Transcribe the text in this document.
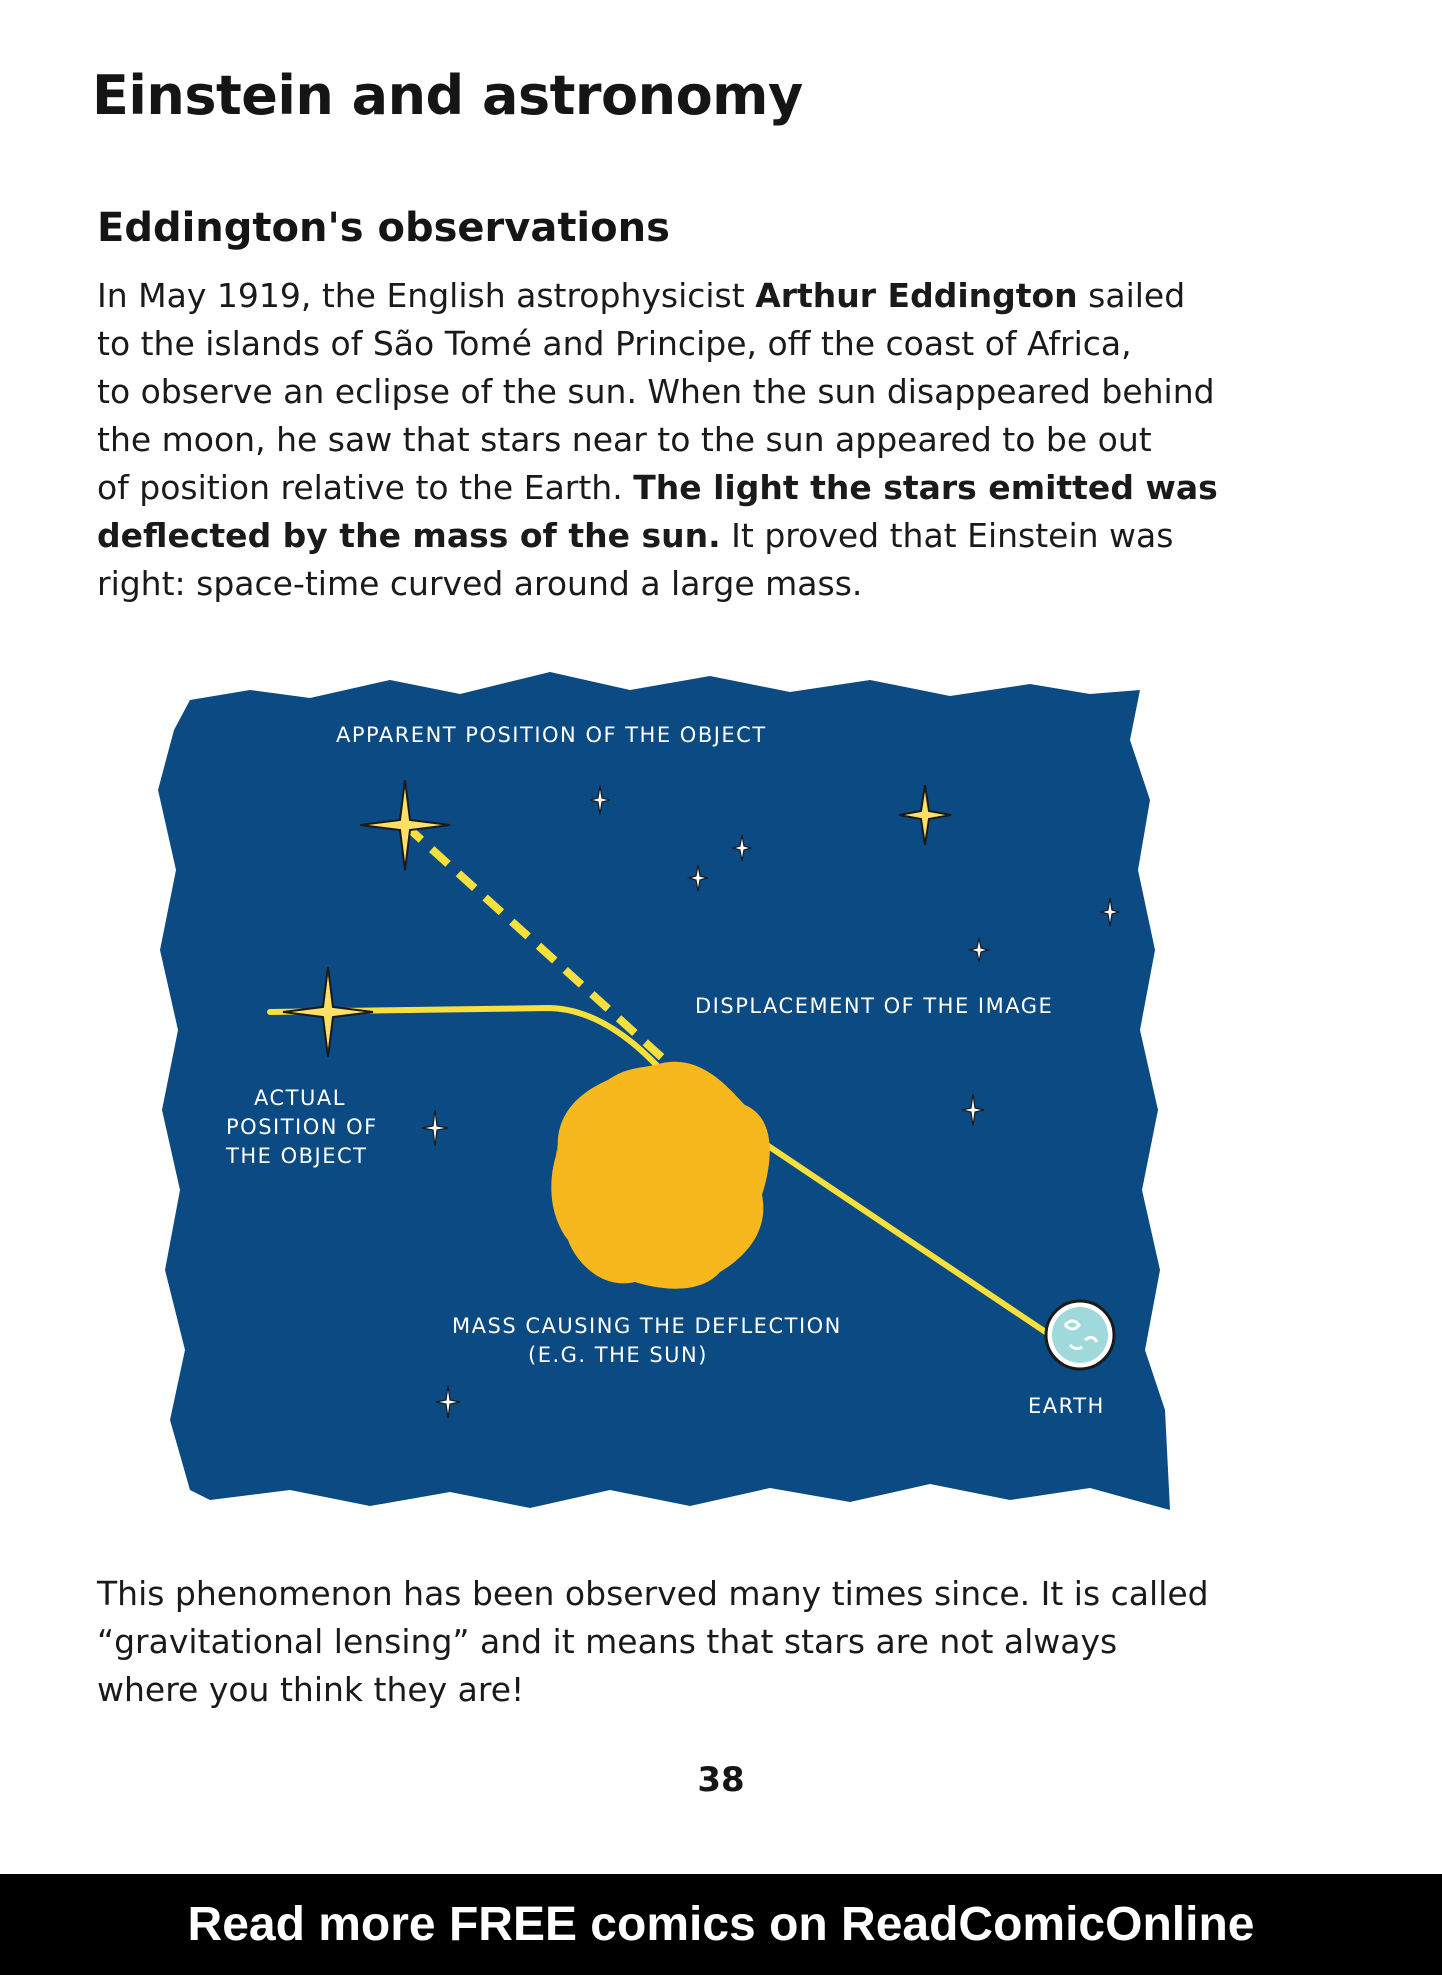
Einstein and astronomy
Eddington's observations

In May 1919, the English astrophysicist Arthur Eddington sailed
to the islands of São Tomé and Principe, off the coast of Africa,
to observe an eclipse of the sun. When the sun disappeared behind
the moon, he saw that stars near to the sun appeared to be out
of position relative to the Earth. The light the stars emitted was
deflected by the mass of the sun. It proved that Einstein was
right: space-time curved around a large mass.

APPARENT POSITION OF THE OBJECT
DISPLACEMENT OF THE IMAGE
ACTUAL
POSITION OF
THE OBJECT
MASS CAUSING THE DEFLECTION
(E.G. THE SUN)
EARTH

This phenomenon has been observed many times since. It is called
“gravitational lensing” and it means that stars are not always
where you think they are!

38
Read more FREE comics on ReadComicOnline
